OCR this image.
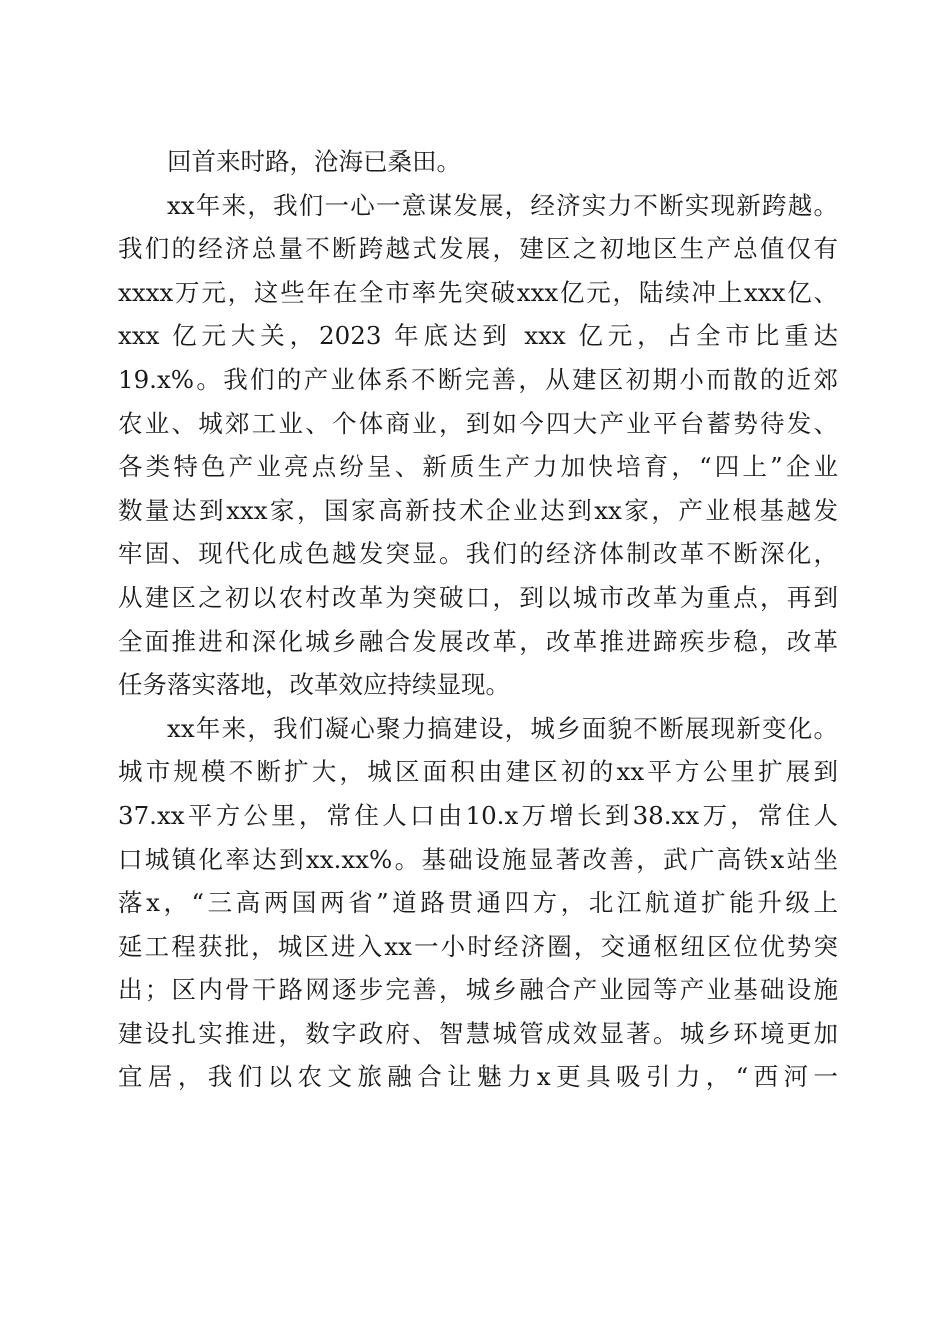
回首来时路，沧海已桑田。
xx年来，我们一心一意谋发展，经济实力不断实现新跨越。
我们的经济总量不断跨越式发展，建区之初地区生产总值仅有
xxxx万元，这些年在全市率先突破xxx亿元，陆续冲上xxx亿、
xxx 亿元大关，2023 年底达到 xxx 亿元，占全市比重达
19.x%。我们的产业体系不断完善，从建区初期小而散的近郊
农业、城郊工业、个体商业，到如今四大产业平台蓄势待发、
各类特色产业亮点纷呈、新质生产力加快培育，“四上”企业
数量达到xxx家，国家高新技术企业达到xx家，产业根基越发
牢固、现代化成色越发突显。我们的经济体制改革不断深化，
从建区之初以农村改革为突破口，到以城市改革为重点，再到
全面推进和深化城乡融合发展改革，改革推进蹄疾步稳，改革
任务落实落地，改革效应持续显现。
xx年来，我们凝心聚力搞建设，城乡面貌不断展现新变化。
城市规模不断扩大，城区面积由建区初的xx平方公里扩展到
37.xx平方公里，常住人口由10.x万增长到38.xx万，常住人
口城镇化率达到xx.xx%。基础设施显著改善，武广高铁x站坐
落x，“三高两国两省”道路贯通四方，北江航道扩能升级上
延工程获批，城区进入xx一小时经济圈，交通枢纽区位优势突
出；区内骨干路网逐步完善，城乡融合产业园等产业基础设施
建设扎实推进，数字政府、智慧城管成效显著。城乡环境更加
宜居，我们以农文旅融合让魅力x更具吸引力，“西河一
